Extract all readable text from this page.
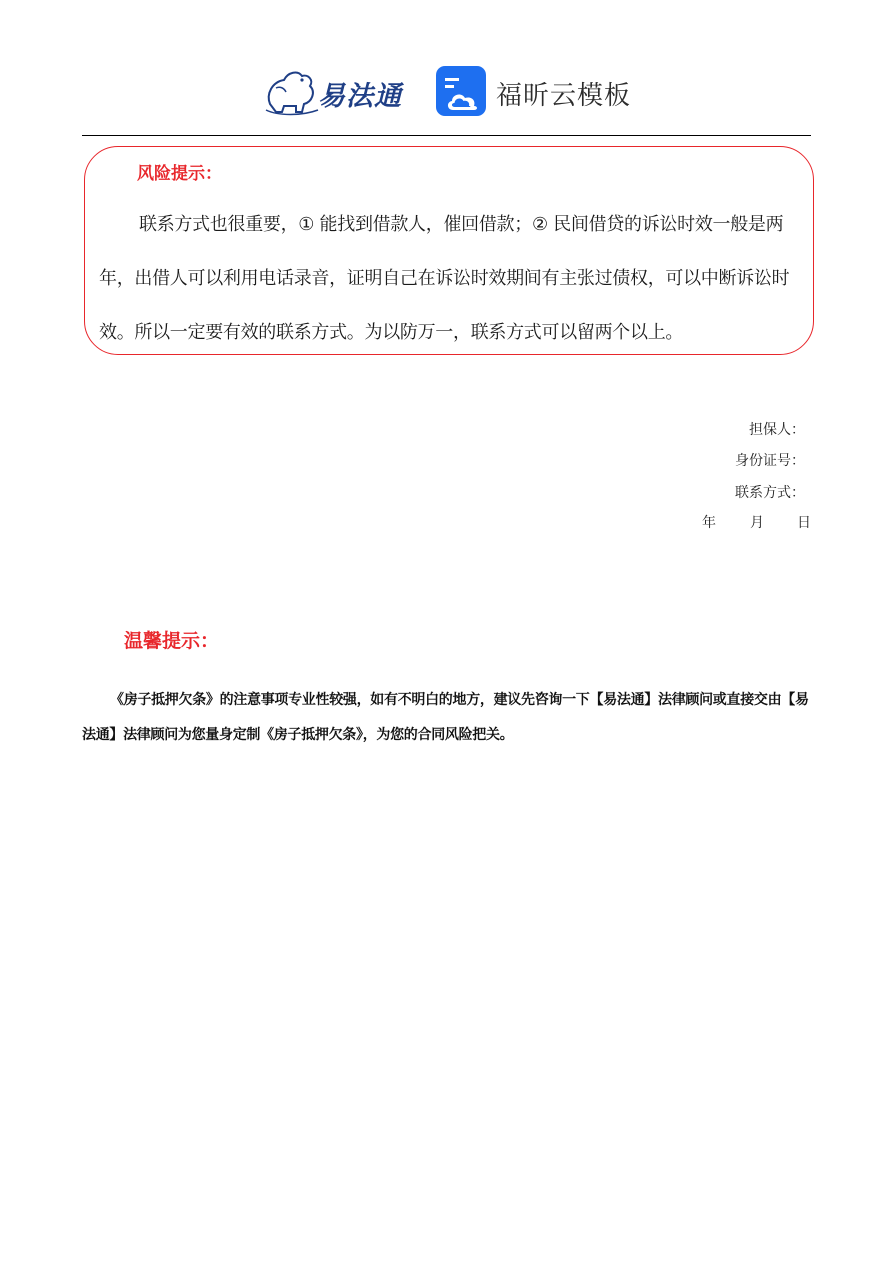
易法通	福昕云模板
风险提示：
联系方式也很重要，① 能找到借款人，催回借款；② 民间借贷的诉讼时效一般是两年，出借人可以利用电话录音，证明自己在诉讼时效期间有主张过债权，可以中断诉讼时效。所以一定要有效的联系方式。为以防万一，联系方式可以留两个以上。
担保人：
身份证号：
联系方式：
年 月 日
温馨提示：
《房子抵押欠条》的注意事项专业性较强，如有不明白的地方，建议先咨询一下【易法通】法律顾问或直接交由【易法通】法律顾问为您量身定制《房子抵押欠条》，为您的合同风险把关。
